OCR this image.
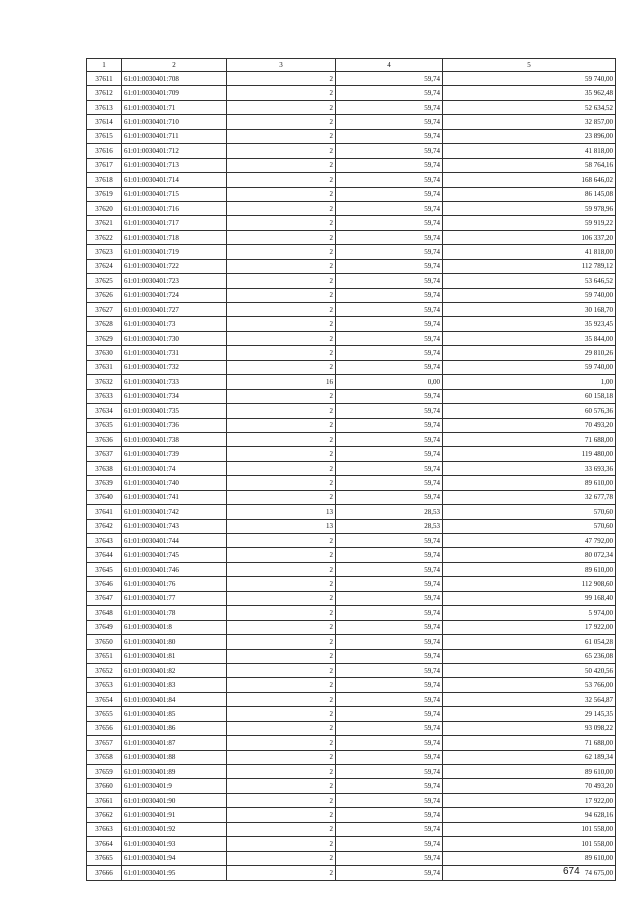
1	2	3	4	5
37611	61:01:0030401:708	2	59,74	59 740,00
37612	61:01:0030401:709	2	59,74	35 962,48
37613	61:01:0030401:71	2	59,74	52 634,52
37614	61:01:0030401:710	2	59,74	32 857,00
37615	61:01:0030401:711	2	59,74	23 896,00
37616	61:01:0030401:712	2	59,74	41 818,00
37617	61:01:0030401:713	2	59,74	58 764,16
37618	61:01:0030401:714	2	59,74	168 646,02
37619	61:01:0030401:715	2	59,74	86 145,08
37620	61:01:0030401:716	2	59,74	59 978,96
37621	61:01:0030401:717	2	59,74	59 919,22
37622	61:01:0030401:718	2	59,74	106 337,20
37623	61:01:0030401:719	2	59,74	41 818,00
37624	61:01:0030401:722	2	59,74	112 789,12
37625	61:01:0030401:723	2	59,74	53 646,52
37626	61:01:0030401:724	2	59,74	59 740,00
37627	61:01:0030401:727	2	59,74	30 168,70
37628	61:01:0030401:73	2	59,74	35 923,45
37629	61:01:0030401:730	2	59,74	35 844,00
37630	61:01:0030401:731	2	59,74	29 810,26
37631	61:01:0030401:732	2	59,74	59 740,00
37632	61:01:0030401:733	16	0,00	1,00
37633	61:01:0030401:734	2	59,74	60 158,18
37634	61:01:0030401:735	2	59,74	60 576,36
37635	61:01:0030401:736	2	59,74	70 493,20
37636	61:01:0030401:738	2	59,74	71 688,00
37637	61:01:0030401:739	2	59,74	119 480,00
37638	61:01:0030401:74	2	59,74	33 693,36
37639	61:01:0030401:740	2	59,74	89 610,00
37640	61:01:0030401:741	2	59,74	32 677,78
37641	61:01:0030401:742	13	28,53	570,60
37642	61:01:0030401:743	13	28,53	570,60
37643	61:01:0030401:744	2	59,74	47 792,00
37644	61:01:0030401:745	2	59,74	80 072,34
37645	61:01:0030401:746	2	59,74	89 610,00
37646	61:01:0030401:76	2	59,74	112 908,60
37647	61:01:0030401:77	2	59,74	99 168,40
37648	61:01:0030401:78	2	59,74	5 974,00
37649	61:01:0030401:8	2	59,74	17 922,00
37650	61:01:0030401:80	2	59,74	61 054,28
37651	61:01:0030401:81	2	59,74	65 236,08
37652	61:01:0030401:82	2	59,74	50 420,56
37653	61:01:0030401:83	2	59,74	53 766,00
37654	61:01:0030401:84	2	59,74	32 564,87
37655	61:01:0030401:85	2	59,74	29 145,35
37656	61:01:0030401:86	2	59,74	93 098,22
37657	61:01:0030401:87	2	59,74	71 688,00
37658	61:01:0030401:88	2	59,74	62 189,34
37659	61:01:0030401:89	2	59,74	89 610,00
37660	61:01:0030401:9	2	59,74	70 493,20
37661	61:01:0030401:90	2	59,74	17 922,00
37662	61:01:0030401:91	2	59,74	94 628,16
37663	61:01:0030401:92	2	59,74	101 558,00
37664	61:01:0030401:93	2	59,74	101 558,00
37665	61:01:0030401:94	2	59,74	89 610,00
37666	61:01:0030401:95	2	59,74	74 675,00
674
